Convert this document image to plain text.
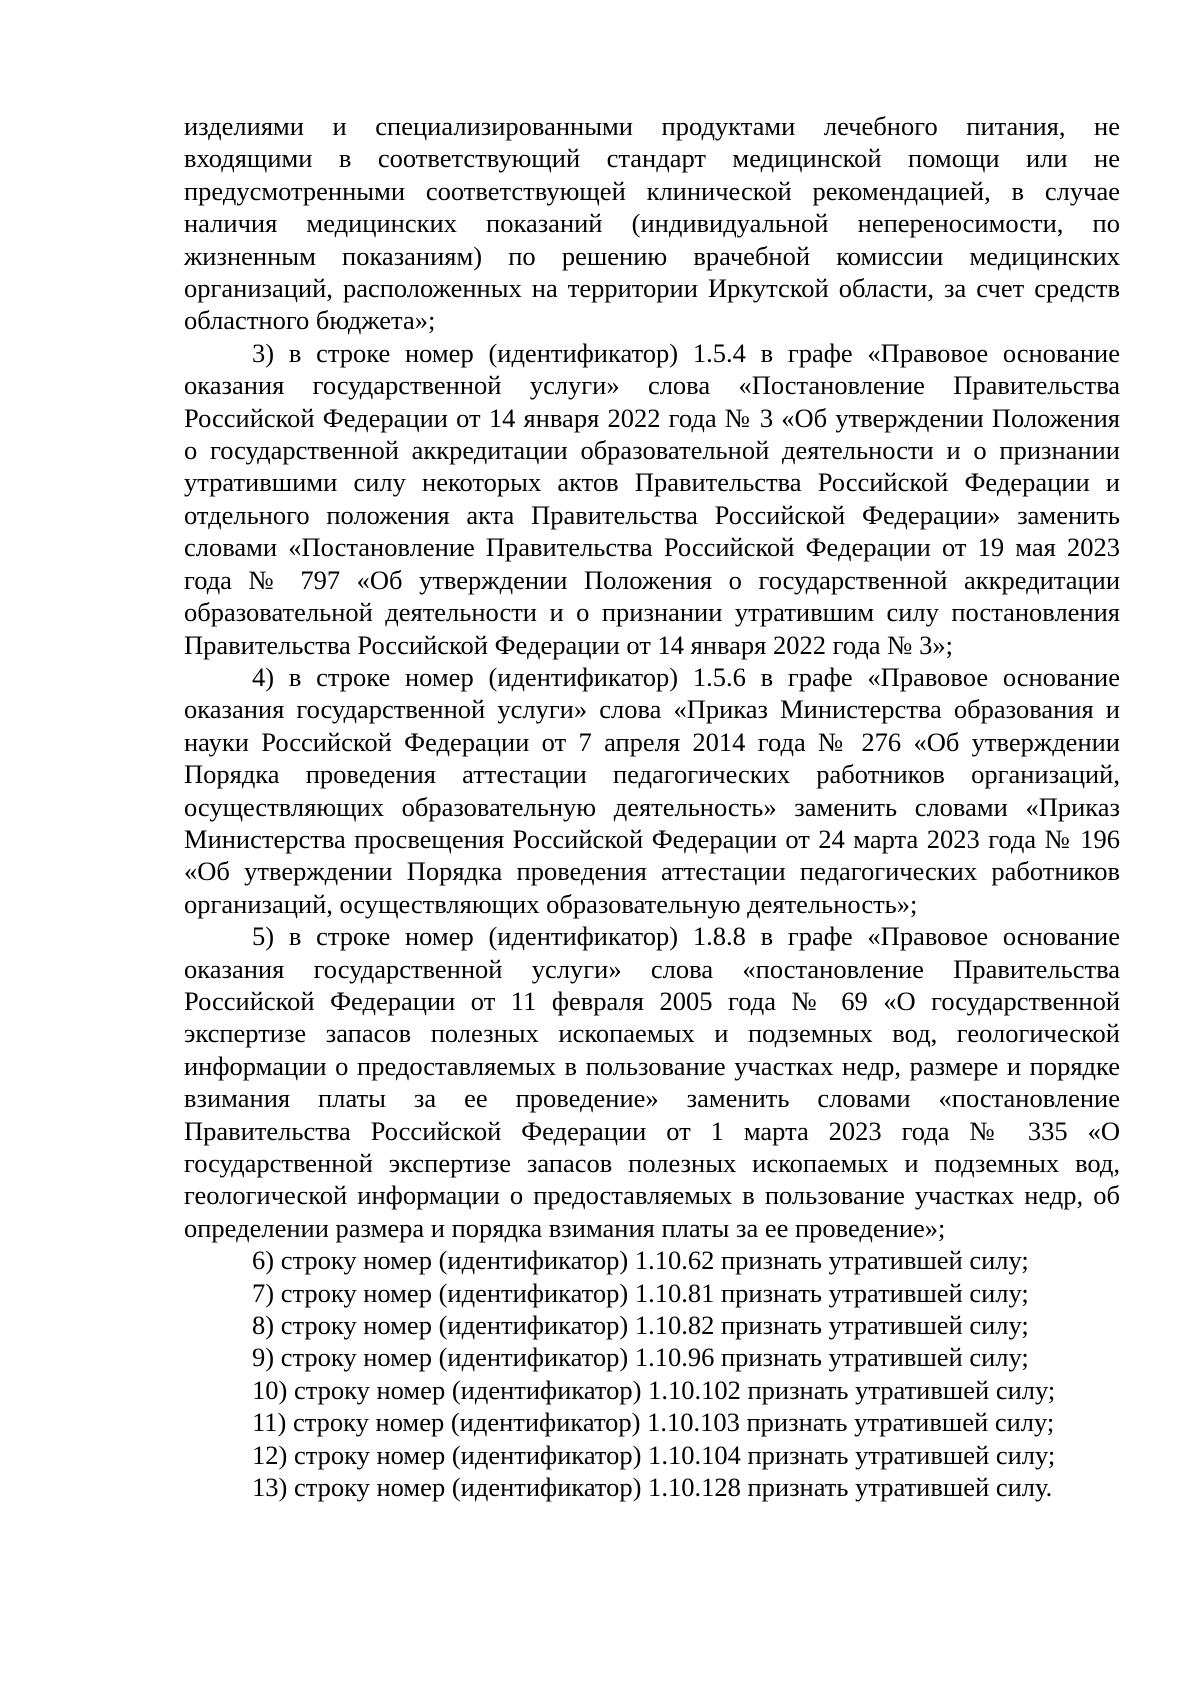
изделиями и специализированными продуктами лечебного питания, не входящими в соответствующий стандарт медицинской помощи или не предусмотренными соответствующей клинической рекомендацией, в случае наличия медицинских показаний (индивидуальной непереносимости, по жизненным показаниям) по решению врачебной комиссии медицинских организаций, расположенных на территории Иркутской области, за счет средств областного бюджета»;

3) в строке номер (идентификатор) 1.5.4 в графе «Правовое основание оказания государственной услуги» слова «Постановление Правительства Российской Федерации от 14 января 2022 года № 3 «Об утверждении Положения о государственной аккредитации образовательной деятельности и о признании утратившими силу некоторых актов Правительства Российской Федерации и отдельного положения акта Правительства Российской Федерации» заменить словами «Постановление Правительства Российской Федерации от 19 мая 2023 года № 797 «Об утверждении Положения о государственной аккредитации образовательной деятельности и о признании утратившим силу постановления Правительства Российской Федерации от 14 января 2022 года № 3»;

4) в строке номер (идентификатор) 1.5.6 в графе «Правовое основание оказания государственной услуги» слова «Приказ Министерства образования и науки Российской Федерации от 7 апреля 2014 года № 276 «Об утверждении Порядка проведения аттестации педагогических работников организаций, осуществляющих образовательную деятельность» заменить словами «Приказ Министерства просвещения Российской Федерации от 24 марта 2023 года № 196 «Об утверждении Порядка проведения аттестации педагогических работников организаций, осуществляющих образовательную деятельность»;

5) в строке номер (идентификатор) 1.8.8 в графе «Правовое основание оказания государственной услуги» слова «постановление Правительства Российской Федерации от 11 февраля 2005 года № 69 «О государственной экспертизе запасов полезных ископаемых и подземных вод, геологической информации о предоставляемых в пользование участках недр, размере и порядке взимания платы за ее проведение» заменить словами «постановление Правительства Российской Федерации от 1 марта 2023 года № 335 «О государственной экспертизе запасов полезных ископаемых и подземных вод, геологической информации о предоставляемых в пользование участках недр, об определении размера и порядка взимания платы за ее проведение»;

6) строку номер (идентификатор) 1.10.62 признать утратившей силу;

7) строку номер (идентификатор) 1.10.81 признать утратившей силу;

8) строку номер (идентификатор) 1.10.82 признать утратившей силу;

9) строку номер (идентификатор) 1.10.96 признать утратившей силу;

10) строку номер (идентификатор) 1.10.102 признать утратившей силу;

11) строку номер (идентификатор) 1.10.103 признать утратившей силу;

12) строку номер (идентификатор) 1.10.104 признать утратившей силу;

13) строку номер (идентификатор) 1.10.128 признать утратившей силу.
